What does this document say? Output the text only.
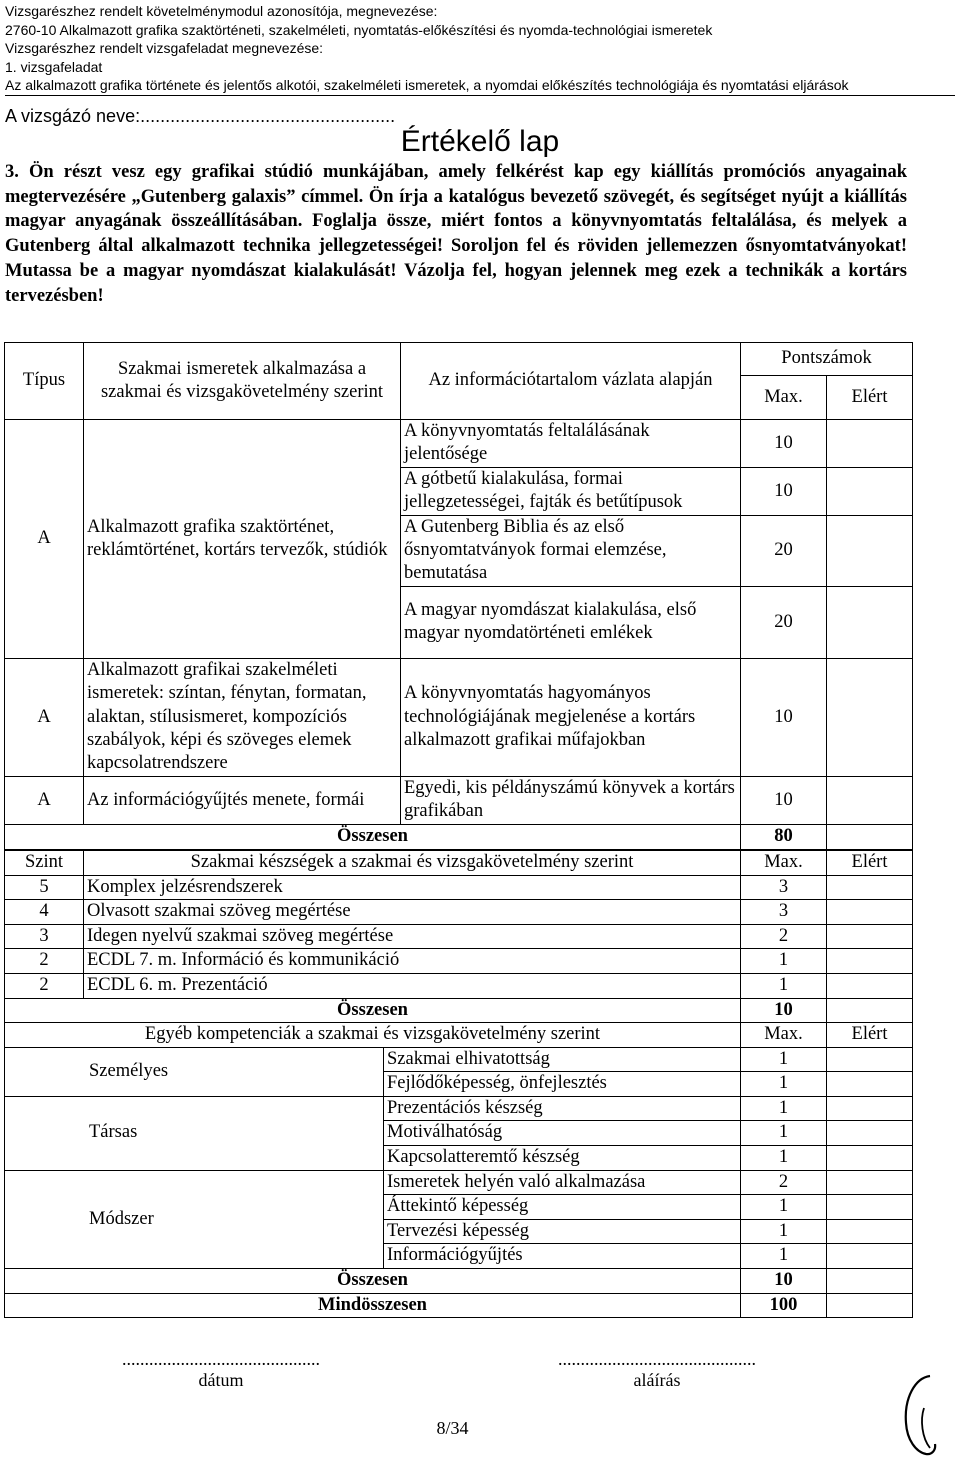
Vizsgarészhez rendelt követelménymodul azonosítója, megnevezése:
2760-10 Alkalmazott grafika szaktörténeti, szakelméleti, nyomtatás-előkészítési és nyomda-technológiai ismeretek
Vizsgarészhez rendelt vizsgafeladat megnevezése:
1. vizsgafeladat
Az alkalmazott grafika története és jelentős alkotói, szakelméleti ismeretek, a nyomdai előkészítés technológiája és nyomtatási eljárások
A vizsgázó neve:...................................................
Értékelő lap
3. Ön részt vesz egy grafikai stúdió munkájában, amely felkérést kap egy kiállítás promóciós anyagainak megtervezésére „Gutenberg galaxis” címmel. Ön írja a katalógus bevezető szövegét, és segítséget nyújt a kiállítás magyar anyagának összeállításában. Foglalja össze, miért fontos a könyvnyomtatás feltalálása, és melyek a Gutenberg által alkalmazott technika jellegzetességei! Soroljon fel és röviden jellemezzen ősnyomtatványokat! Mutassa be a magyar nyomdászat kialakulását! Vázolja fel, hogyan jelennek meg ezek a technikák a kortárs tervezésben!
Típus	Szakmai ismeretek alkalmazása a szakmai és vizsgakövetelmény szerint	Az információtartalom vázlata alapján	Pontszámok	
			Max.	Elért
A	Alkalmazott grafika szaktörténet, reklámtörténet, kortárs tervezők, stúdiók	A könyvnyomtatás feltalálásának jelentősége	10	
		A gótbetű kialakulása, formai jellegzetességei, fajták és betűtípusok	10	
		A Gutenberg Biblia és az első ősnyomtatványok formai elemzése, bemutatása	20	
		A magyar nyomdászat kialakulása, első magyar nyomdatörténeti emlékek	20	
A	Alkalmazott grafikai szakelméleti ismeretek: színtan, fénytan, formatan, alaktan, stílusismeret, kompozíciós szabályok, képi és szöveges elemek kapcsolatrendszere	A könyvnyomtatás hagyományos technológiájának megjelenése a kortárs alkalmazott grafikai műfajokban	10	
A	Az információgyűjtés menete, formái	Egyedi, kis példányszámú könyvek a kortárs grafikában	10	
Összesen			80	
Szint	Szakmai készségek a szakmai és vizsgakövetelmény szerint	Max.	Elért
5	Komplex jelzésrendszerek	3	
4	Olvasott szakmai szöveg megértése	3	
3	Idegen nyelvű szakmai szöveg megértése	2	
2	ECDL 7. m. Információ és kommunikáció	1	
2	ECDL 6. m. Prezentáció	1	
Összesen		10	
Egyéb kompetenciák a szakmai és vizsgakövetelmény szerint		Max.	Elért
Személyes	Szakmai elhivatottság	1	
	Fejlődőképesség, önfejlesztés	1	
Társas	Prezentációs készség	1	
	Motiválhatóság	1	
	Kapcsolatteremtő készség	1	
Módszer	Ismeretek helyén való alkalmazása	2	
	Áttekintő képesség	1	
	Tervezési képesség	1	
	Információgyűjtés	1	
Összesen		10	
Mindösszesen		100	
............................................
dátum
............................................
aláírás
8/34
